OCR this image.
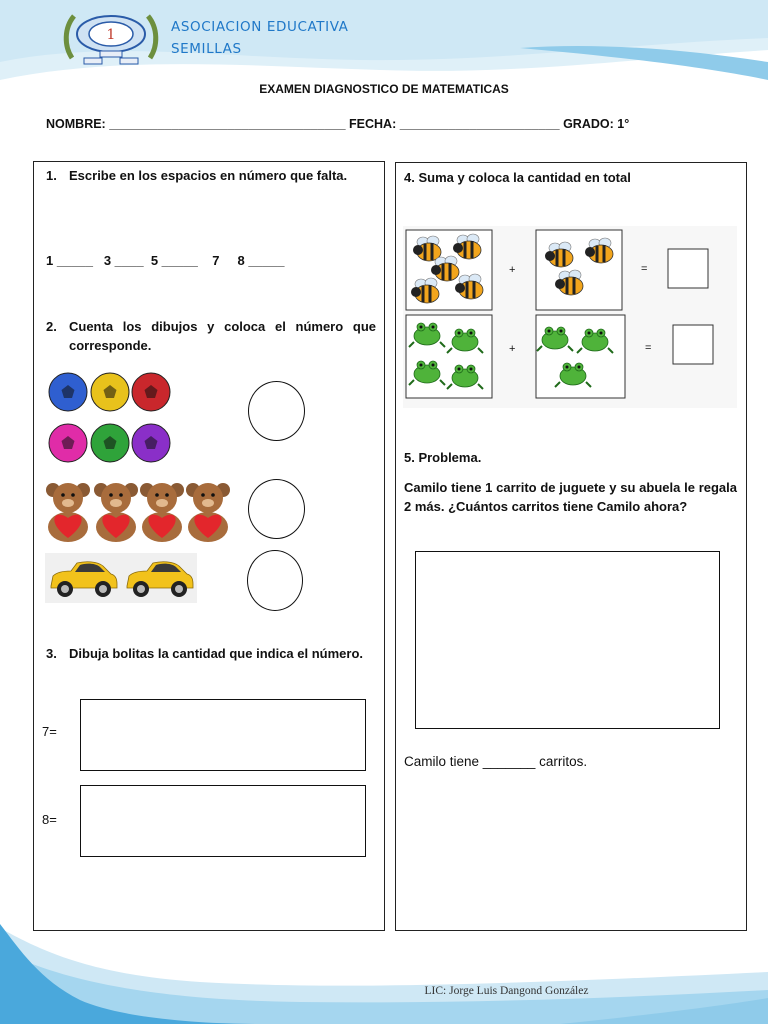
1	ASOCIACION EDUCATIVA
SEMILLAS
EXAMEN DIAGNOSTICO DE MATEMATICAS
NOMBRE: __________________________________ FECHA: _______________________ GRADO: 1°
1. Escribe en los espacios en número que falta.
1 _____   3 ____  5 _____    7     8 _____
2. Cuenta los dibujos y coloca el número que corresponde.
3. Dibuja bolitas la cantidad que indica el número.
7=
8=
4. Suma y coloca la cantidad en total
+	=
+	=
5. Problema.
Camilo tiene 1 carrito de juguete y su abuela le regala 2 más. ¿Cuántos carritos tiene Camilo ahora?
Camilo tiene _______ carritos.
LIC: Jorge Luis Dangond González
